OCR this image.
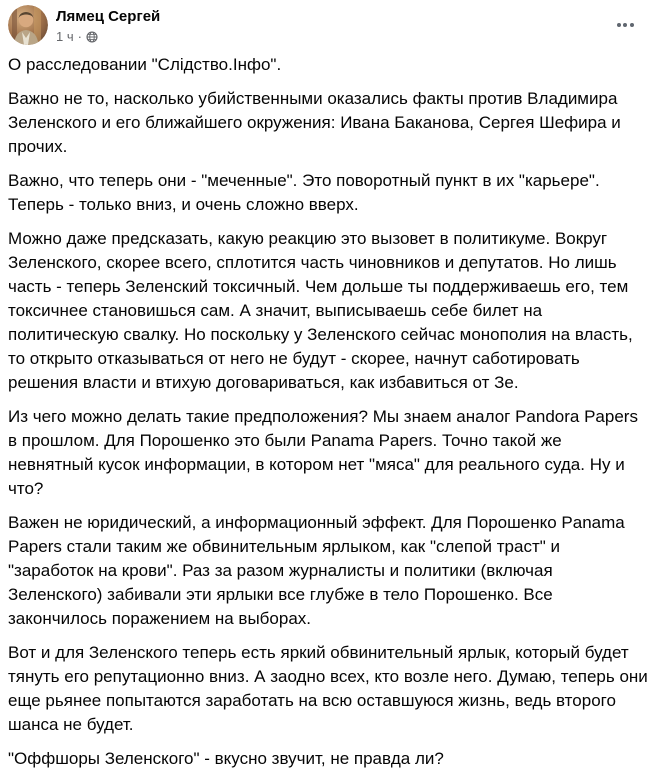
Лямец Сергей
1 ч ·

О расследовании "Слідство.Інфо".

Важно не то, насколько убийственными оказались факты против Владимира Зеленского и его ближайшего окружения: Ивана Баканова, Сергея Шефира и прочих.

Важно, что теперь они - "меченные". Это поворотный пункт в их "карьере". Теперь - только вниз, и очень сложно вверх.

Можно даже предсказать, какую реакцию это вызовет в политикуме. Вокруг Зеленского, скорее всего, сплотится часть чиновников и депутатов. Но лишь часть - теперь Зеленский токсичный. Чем дольше ты поддерживаешь его, тем токсичнее становишься сам. А значит, выписываешь себе билет на политическую свалку. Но поскольку у Зеленского сейчас монополия на власть, то открыто отказываться от него не будут - скорее, начнут саботировать решения власти и втихую договариваться, как избавиться от Зе.

Из чего можно делать такие предположения? Мы знаем аналог Pandora Papers в прошлом. Для Порошенко это были Panama Papers. Точно такой же невнятный кусок информации, в котором нет "мяса" для реального суда. Ну и что?

Важен не юридический, а информационный эффект. Для Порошенко Panama Papers стали таким же обвинительным ярлыком, как "слепой траст" и "заработок на крови". Раз за разом журналисты и политики (включая Зеленского) забивали эти ярлыки все глубже в тело Порошенко. Все закончилось поражением на выборах.

Вот и для Зеленского теперь есть яркий обвинительный ярлык, который будет тянуть его репутационно вниз. А заодно всех, кто возле него. Думаю, теперь они еще рьянее попытаются заработать на всю оставшуюся жизнь, ведь второго шанса не будет.

"Оффшоры Зеленского" - вкусно звучит, не правда ли?
